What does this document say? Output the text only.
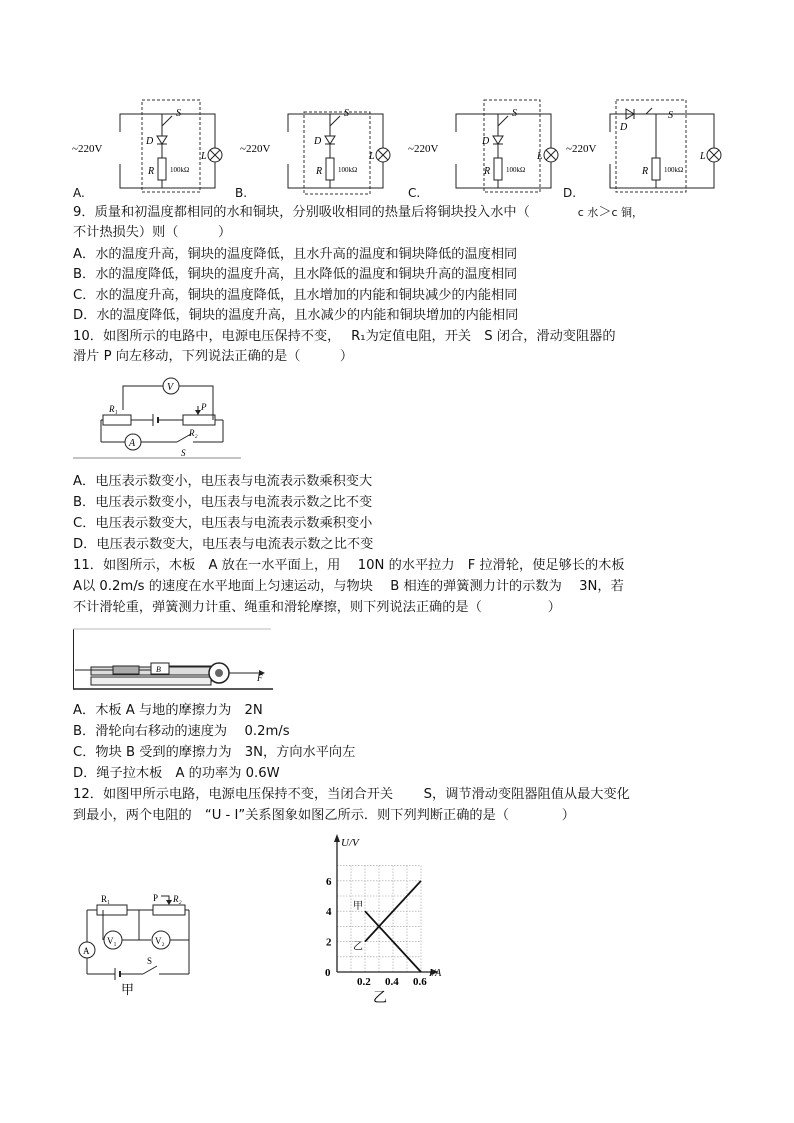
~220V
S
D
R 100kΩ
L
~220V
S
D
R 100kΩ
L
~220V
S
D
R 100kΩ
L
~220V
S
D
R 100kΩ
L
A.	B.	C.	D.
9．质量和初温度都相同的水和铜块，分别吸收相同的热量后将铜块投入水中（	c 水＞c 铜，
不计热损失）则（　　　）
A．水的温度升高，铜块的温度降低，且水升高的温度和铜块降低的温度相同
B．水的温度降低，铜块的温度升高，且水降低的温度和铜块升高的温度相同
C．水的温度升高，铜块的温度降低，且水增加的内能和铜块减少的内能相同
D．水的温度降低，铜块的温度升高，且水减少的内能和铜块增加的内能相同
10．如图所示的电路中，电源电压保持不变，　 R₁为定值电阻，开关　S 闭合，滑动变阻器的
滑片 P 向左移动，下列说法正确的是（　　　）
V
A
R₁
R₂
P
S
A．电压表示数变小，电压表与电流表示数乘积变大
B．电压表示数变小，电压表与电流表示数之比不变
C．电压表示数变大，电压表与电流表示数乘积变小
D．电压表示数变大，电压表与电流表示数之比不变
11．如图所示，木板　A 放在一水平面上，用　 10N 的水平拉力　F 拉滑轮，使足够长的木板
A以 0.2m/s 的速度在水平地面上匀速运动，与物块　 B 相连的弹簧测力计的示数为　 3N，若
不计滑轮重，弹簧测力计重、绳重和滑轮摩擦，则下列说法正确的是（　　　　　）
B
F
A．木板 A 与地的摩擦力为　2N
B．滑轮向右移动的速度为　 0.2m/s
C．物块 B 受到的摩擦力为　3N，方向水平向左
D．绳子拉木板　A 的功率为 0.6W
12．如图甲所示电路，电源电压保持不变，当闭合开关　　 S，调节滑动变阻器阻值从最大变化
到最小，两个电阻的　“U - I”关系图象如图乙所示．则下列判断正确的是（　　　　）
R₁	P R₂
V₁	V₂
A
S
甲
U/V
I/A
0
0.2 0.4 0.6
2
4
6
甲
乙
乙
